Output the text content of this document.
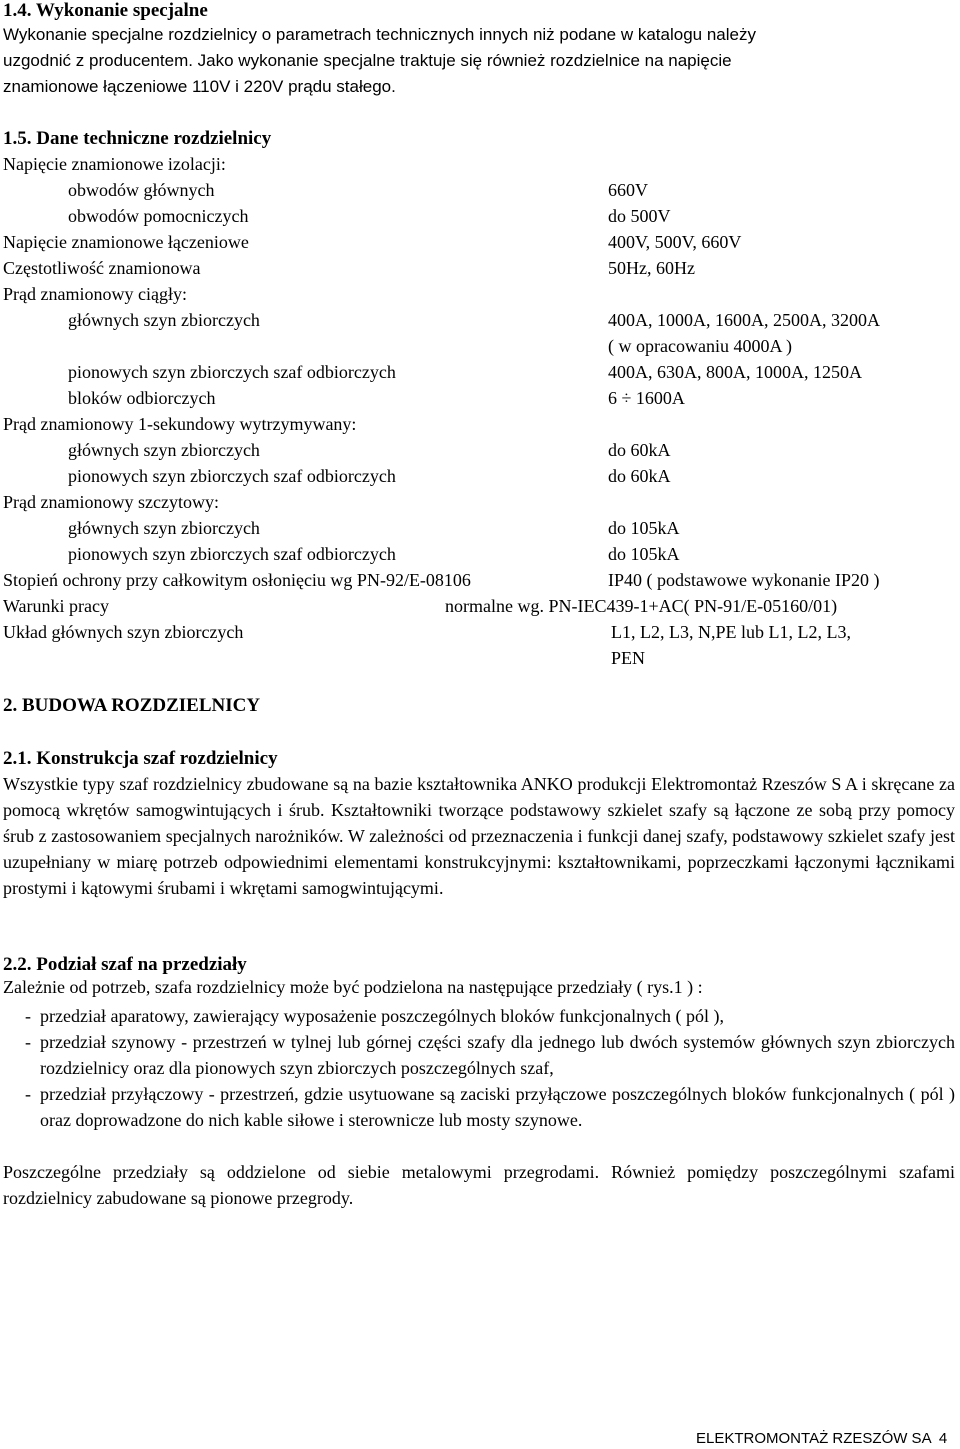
1.4. Wykonanie specjalne
Wykonanie specjalne rozdzielnicy o parametrach technicznych innych niż podane w katalogu należy
uzgodnić z producentem. Jako wykonanie specjalne traktuje się również rozdzielnice na napięcie
znamionowe łączeniowe 110V i 220V prądu stałego.
1.5. Dane techniczne rozdzielnicy
Napięcie znamionowe izolacji:
obwodów głównych	660V
obwodów pomocniczych	do 500V
Napięcie znamionowe łączeniowe	400V, 500V, 660V
Częstotliwość znamionowa	50Hz, 60Hz
Prąd znamionowy ciągły:
głównych szyn zbiorczych	400A, 1000A, 1600A, 2500A, 3200A
( w opracowaniu 4000A )
pionowych szyn zbiorczych szaf odbiorczych	400A, 630A, 800A, 1000A, 1250A
bloków odbiorczych	6 ÷ 1600A
Prąd znamionowy 1-sekundowy wytrzymywany:
głównych szyn zbiorczych	do 60kA
pionowych szyn zbiorczych szaf odbiorczych	do 60kA
Prąd znamionowy szczytowy:
głównych szyn zbiorczych	do 105kA
pionowych szyn zbiorczych szaf odbiorczych	do 105kA
Stopień ochrony przy całkowitym osłonięciu wg PN-92/E-08106	IP40 ( podstawowe wykonanie IP20 )
Warunki pracy	normalne wg. PN-IEC439-1+AC( PN-91/E-05160/01)
Układ głównych szyn zbiorczych	L1, L2, L3, N,PE lub L1, L2, L3,
PEN
2. BUDOWA ROZDZIELNICY
2.1. Konstrukcja szaf rozdzielnicy
Wszystkie typy szaf rozdzielnicy zbudowane są na bazie kształtownika ANKO produkcji Elektromontaż Rzeszów S A i skręcane za pomocą wkrętów samogwintujących i śrub. Kształtowniki tworzące podstawowy szkielet szafy są łączone ze sobą przy pomocy śrub z zastosowaniem specjalnych narożników. W zależności od przeznaczenia i funkcji danej szafy, podstawowy szkielet szafy jest uzupełniany w miarę potrzeb odpowiednimi elementami konstrukcyjnymi: kształtownikami, poprzeczkami łączonymi łącznikami prostymi i kątowymi śrubami i wkrętami samogwintującymi.
2.2. Podział szaf na przedziały
Zależnie od potrzeb, szafa rozdzielnicy może być podzielona na następujące przedziały ( rys.1 ) :
- przedział aparatowy, zawierający wyposażenie poszczególnych bloków funkcjonalnych ( pól ),
- przedział szynowy - przestrzeń w tylnej lub górnej części szafy dla jednego lub dwóch systemów głównych szyn zbiorczych rozdzielnicy oraz dla pionowych szyn zbiorczych poszczególnych szaf,
- przedział przyłączowy - przestrzeń, gdzie usytuowane są zaciski przyłączowe poszczególnych bloków funkcjonalnych ( pól ) oraz doprowadzone do nich kable siłowe i sterownicze lub mosty szynowe.
Poszczególne przedziały są oddzielone od siebie metalowymi przegrodami. Również pomiędzy poszczególnymi szafami rozdzielnicy zabudowane są pionowe przegrody.
ELEKTROMONTAŻ RZESZÓW SA 4
